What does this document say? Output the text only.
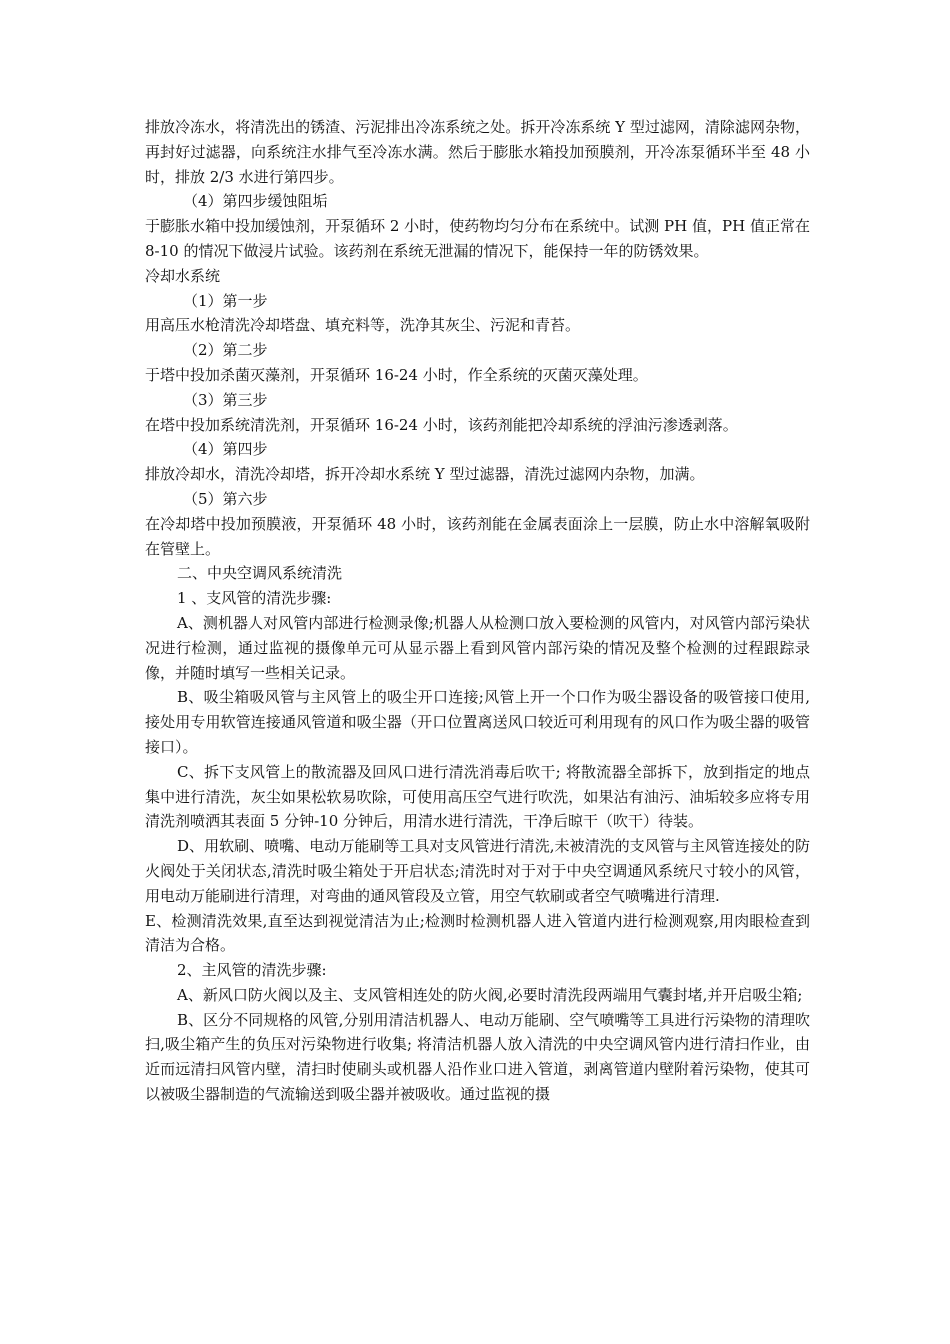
排放冷冻水，将清洗出的锈渣、污泥排出冷冻系统之处。拆开冷冻系统 Y 型过滤网，清除滤网杂物，再封好过滤器，向系统注水排气至冷冻水满。然后于膨胀水箱投加预膜剂，开冷冻泵循环半至 48 小时，排放 2/3 水进行第四步。

（4）第四步缓蚀阻垢

于膨胀水箱中投加缓蚀剂，开泵循环 2 小时，使药物均匀分布在系统中。试测 PH 值，PH 值正常在 8-10 的情况下做浸片试验。该药剂在系统无泄漏的情况下，能保持一年的防锈效果。

冷却水系统

（1）第一步

用高压水枪清洗冷却塔盘、填充料等，洗净其灰尘、污泥和青苔。

（2）第二步

于塔中投加杀菌灭藻剂，开泵循环 16-24 小时，作全系统的灭菌灭藻处理。

（3）第三步

在塔中投加系统清洗剂，开泵循环 16-24 小时，该药剂能把冷却系统的浮油污渗透剥落。

（4）第四步

排放冷却水，清洗冷却塔，拆开冷却水系统 Y 型过滤器，清洗过滤网内杂物，加满。

（5）第六步

在冷却塔中投加预膜液，开泵循环 48 小时，该药剂能在金属表面涂上一层膜，防止水中溶解氧吸附在管壁上。

二、中央空调风系统清洗

1 、支风管的清洗步骤:

A、测机器人对风管内部进行检测录像;机器人从检测口放入要检测的风管内，对风管内部污染状况进行检测，通过监视的摄像单元可从显示器上看到风管内部污染的情况及整个检测的过程跟踪录像，并随时填写一些相关记录。

B、吸尘箱吸风管与主风管上的吸尘开口连接;风管上开一个口作为吸尘器设备的吸管接口使用,接处用专用软管连接通风管道和吸尘器（开口位置离送风口较近可利用现有的风口作为吸尘器的吸管接口）。

C、拆下支风管上的散流器及回风口进行清洗消毒后吹干; 将散流器全部拆下，放到指定的地点集中进行清洗，灰尘如果松软易吹除，可使用高压空气进行吹洗，如果沾有油污、油垢较多应将专用清洗剂喷洒其表面 5 分钟-10 分钟后，用清水进行清洗，干净后晾干（吹干）待装。

D、用软刷、喷嘴、电动万能刷等工具对支风管进行清洗,未被清洗的支风管与主风管连接处的防火阀处于关闭状态,清洗时吸尘箱处于开启状态;清洗时对于对于中央空调通风系统尺寸较小的风管，用电动万能刷进行清理，对弯曲的通风管段及立管，用空气软刷或者空气喷嘴进行清理.

E、检测清洗效果,直至达到视觉清洁为止;检测时检测机器人进入管道内进行检测观察,用肉眼检查到清洁为合格。

2、主风管的清洗步骤:

A、新风口防火阀以及主、支风管相连处的防火阀,必要时清洗段两端用气囊封堵,并开启吸尘箱;

B、区分不同规格的风管,分别用清洁机器人、电动万能刷、空气喷嘴等工具进行污染物的清理吹扫,吸尘箱产生的负压对污染物进行收集; 将清洁机器人放入清洗的中央空调风管内进行清扫作业，由近而远清扫风管内壁，清扫时使刷头或机器人沿作业口进入管道，剥离管道内壁附着污染物，使其可以被吸尘器制造的气流输送到吸尘器并被吸收。通过监视的摄
